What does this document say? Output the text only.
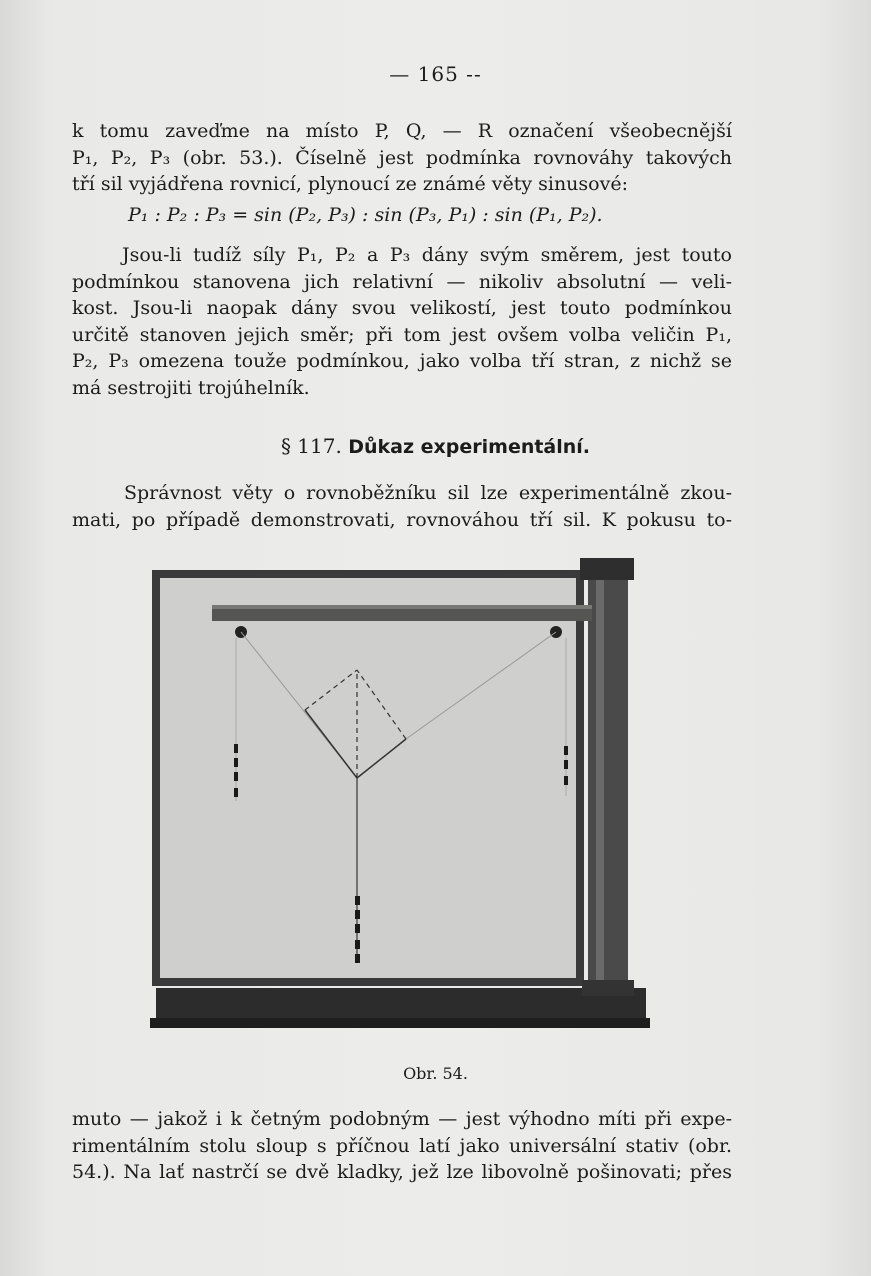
— 165 --
k tomu zaveďme na místo P, Q, — R označení všeobecnější
P₁, P₂, P₃ (obr. 53.). Číselně jest podmínka rovnováhy takových
tří sil vyjádřena rovnicí, plynoucí ze známé věty sinusové:
P₁ : P₂ : P₃ = sin (P₂, P₃) : sin (P₃, P₁) : sin (P₁, P₂).
Jsou-li tudíž síly P₁, P₂ a P₃ dány svým směrem, jest touto
podmínkou stanovena jich relativní — nikoliv absolutní — veli-
kost. Jsou-li naopak dány svou velikostí, jest touto podmínkou
určitě stanoven jejich směr; při tom jest ovšem volba veličin P₁,
P₂, P₃ omezena touže podmínkou, jako volba tří stran, z nichž se
má sestrojiti trojúhelník.
§ 117. Důkaz experimentální.
Správnost věty o rovnoběžníku sil lze experimentálně zkou-
mati, po případě demonstrovati, rovnováhou tří sil. K pokusu to-
Obr. 54.
muto — jakož i k četným podobným — jest výhodno míti při expe-
rimentálním stolu sloup s příčnou latí jako universální stativ (obr.
54.). Na lať nastrčí se dvě kladky, jež lze libovolně pošinovati; přes
